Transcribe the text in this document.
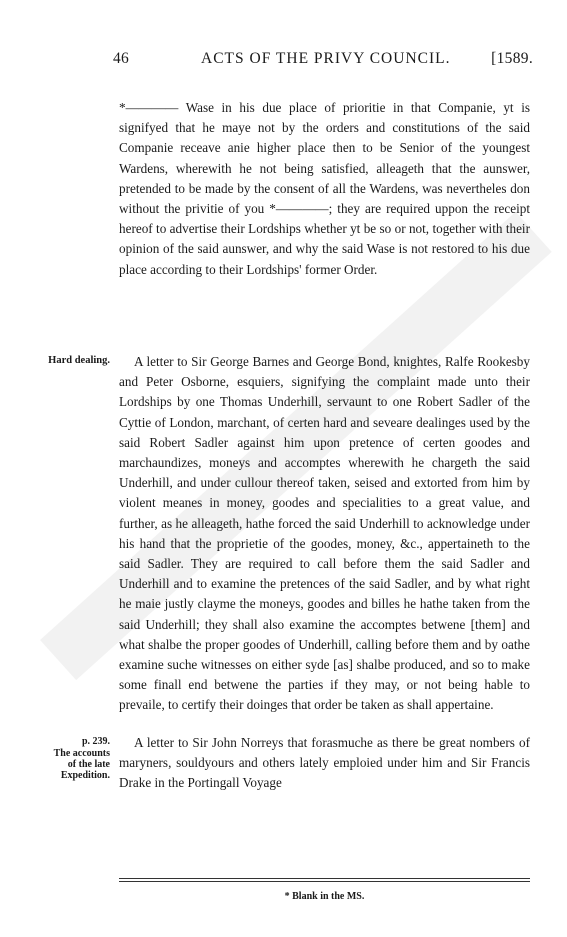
46	ACTS OF THE PRIVY COUNCIL.	[1589.

*———— Wase in his due place of prioritie in that Companie, yt is signifyed that he maye not by the orders and constitutions of the said Companie receave anie higher place then to be Senior of the youngest Wardens, wherewith he not being satisfied, alleageth that the aunswer, pretended to be made by the consent of all the Wardens, was nevertheles don without the privitie of you *————; they are required uppon the receipt hereof to advertise their Lordships whether yt be so or not, together with their opinion of the said aunswer, and why the said Wase is not restored to his due place according to their Lordships' former Order.

Hard dealing.	A letter to Sir George Barnes and George Bond, knightes, Ralfe Rookesby and Peter Osborne, esquiers, signifying the complaint made unto their Lordships by one Thomas Underhill, servaunt to one Robert Sadler of the Cyttie of London, marchant, of certen hard and seveare dealinges used by the said Robert Sadler against him upon pretence of certen goodes and marchaundizes, moneys and accomptes wherewith he chargeth the said Underhill, and under cullour thereof taken, seised and extorted from him by violent meanes in money, goodes and specialities to a great value, and further, as he alleageth, hathe forced the said Underhill to acknowledge under his hand that the proprietie of the goodes, money, &c., appertaineth to the said Sadler. They are required to call before them the said Sadler and Underhill and to examine the pretences of the said Sadler, and by what right he maie justly clayme the moneys, goodes and billes he hathe taken from the said Underhill; they shall also examine the accomptes betwene [them] and what shalbe the proper goodes of Underhill, calling before them and by oathe examine suche witnesses on either syde [as] shalbe produced, and so to make some finall end betwene the parties if they may, or not being hable to prevaile, to certify their doinges that order be taken as shall appertaine.

p. 239.
The accounts
of the late
Expedition.

A letter to Sir John Norreys that forasmuche as there be great nombers of maryners, souldyours and others lately emploied under him and Sir Francis Drake in the Portingall Voyage

* Blank in the MS.
